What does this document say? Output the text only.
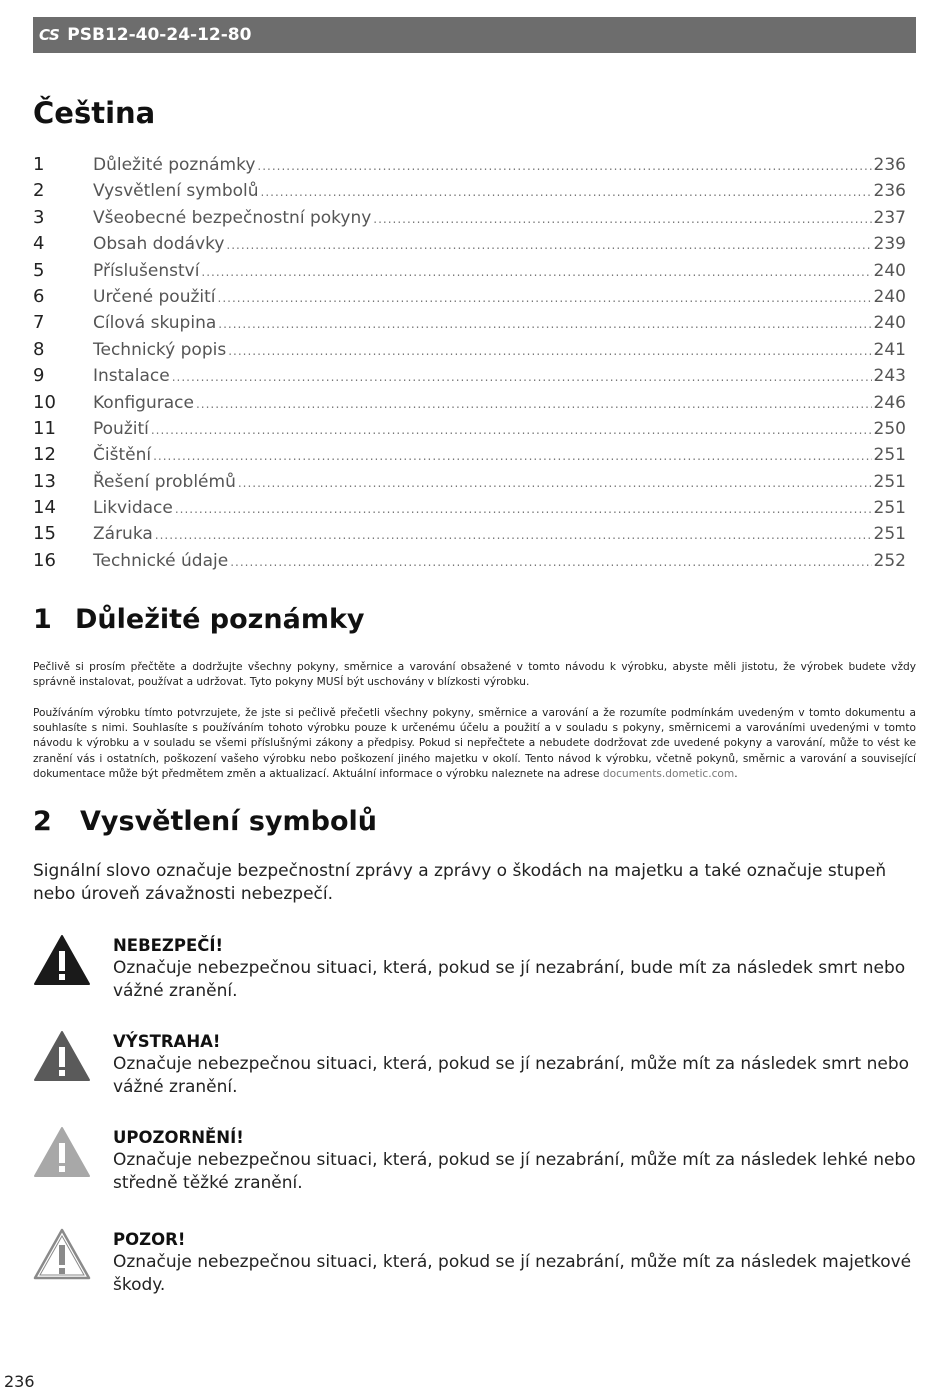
CS PSB12-40-24-12-80
Čeština
1	Důležité poznámky .....	236
2	Vysvětlení symbolů .....	236
3	Všeobecné bezpečnostní pokyny .....	237
4	Obsah dodávky .....	239
5	Příslušenství .....	240
6	Určené použití .....	240
7	Cílová skupina .....	240
8	Technický popis .....	241
9	Instalace .....	243
10	Konfigurace .....	246
11	Použití .....	250
12	Čištění .....	251
13	Řešení problémů .....	251
14	Likvidace .....	251
15	Záruka .....	251
16	Technické údaje .....	252
1 Důležité poznámky

Pečlivě si prosím přečtěte a dodržujte všechny pokyny, směrnice a varování obsažené v tomto návodu k výrobku, abyste měli jistotu, že výrobek budete vždy správně instalovat, používat a udržovat. Tyto pokyny MUSÍ být uschovány v blízkosti výrobku.

Používáním výrobku tímto potvrzujete, že jste si pečlivě přečetli všechny pokyny, směrnice a varování a že rozumíte podmínkám uvedeným v tomto dokumentu a souhlasíte s nimi. Souhlasíte s používáním tohoto výrobku pouze k určenému účelu a použití a v souladu s pokyny, směrnicemi a varováními uvedenými v tomto návodu k výrobku a v souladu se všemi příslušnými zákony a předpisy. Pokud si nepřečtete a nebudete dodržovat zde uvedené pokyny a varování, může to vést ke zranění vás i ostatních, poškození vašeho výrobku nebo poškození jiného majetku v okolí. Tento návod k výrobku, včetně pokynů, směrnic a varování a související dokumentace může být předmětem změn a aktualizací. Aktuální informace o výrobku naleznete na adrese documents.dometic.com.

2 Vysvětlení symbolů

Signální slovo označuje bezpečnostní zprávy a zprávy o škodách na majetku a také označuje stupeň nebo úroveň závažnosti nebezpečí.

NEBEZPEČÍ!
Označuje nebezpečnou situaci, která, pokud se jí nezabrání, bude mít za následek smrt nebo vážné zranění.
VÝSTRAHA!
Označuje nebezpečnou situaci, která, pokud se jí nezabrání, může mít za následek smrt nebo vážné zranění.
UPOZORNĚNÍ!
Označuje nebezpečnou situaci, která, pokud se jí nezabrání, může mít za následek lehké nebo středně těžké zranění.
POZOR!
Označuje nebezpečnou situaci, která, pokud se jí nezabrání, může mít za následek majetkové škody.
236
